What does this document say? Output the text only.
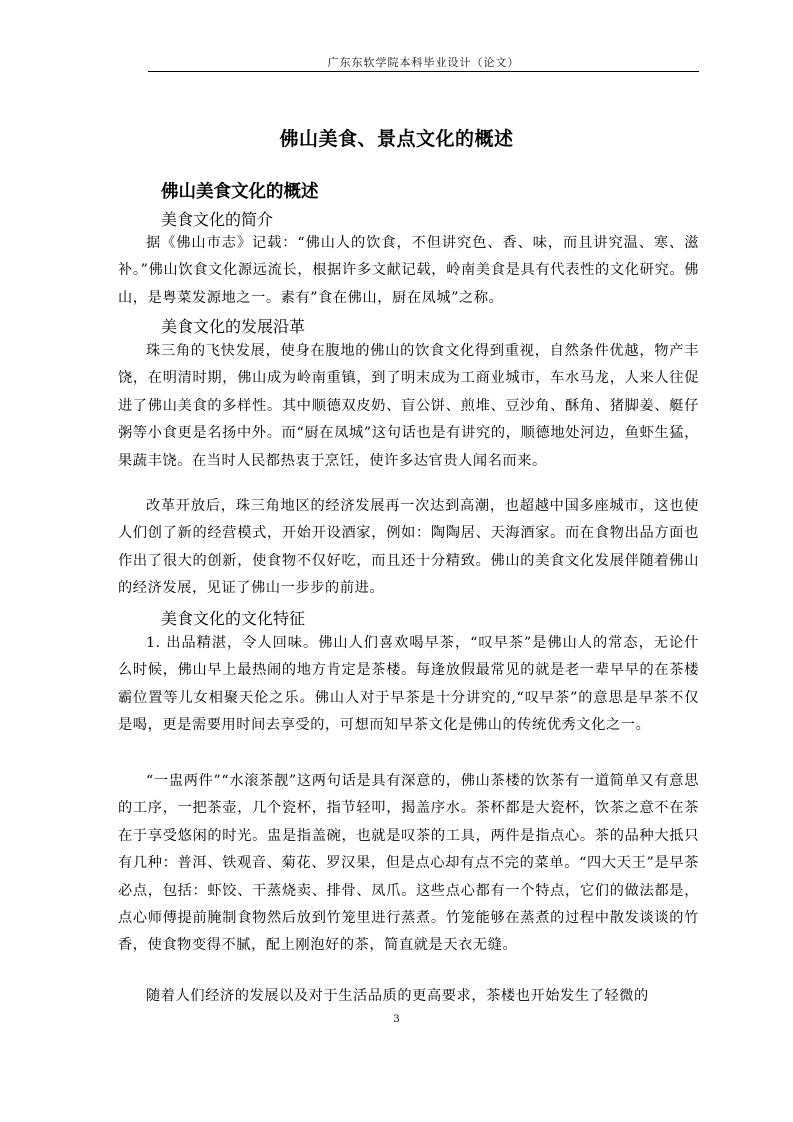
广东东软学院本科毕业设计（论文）
佛山美食、景点文化的概述
佛山美食文化的概述
美食文化的简介

据《佛山市志》记载：“佛山人的饮食，不但讲究色、香、味，而且讲究温、寒、滋补。”佛山饮食文化源远流长，根据许多文献记载，岭南美食是具有代表性的文化研究。佛山，是粤菜发源地之一。素有”食在佛山，厨在凤城”之称。

美食文化的发展沿革

珠三角的飞快发展，使身在腹地的佛山的饮食文化得到重视，自然条件优越，物产丰饶，在明清时期，佛山成为岭南重镇，到了明末成为工商业城市，车水马龙，人来人往促进了佛山美食的多样性。其中顺德双皮奶、盲公饼、煎堆、豆沙角、酥角、猪脚姜、艇仔粥等小食更是名扬中外。而“厨在凤城”这句话也是有讲究的，顺德地处河边，鱼虾生猛，果蔬丰饶。在当时人民都热衷于烹饪，使许多达官贵人闻名而来。

改革开放后，珠三角地区的经济发展再一次达到高潮，也超越中国多座城市，这也使人们创了新的经营模式，开始开设酒家，例如：陶陶居、天海酒家。而在食物出品方面也作出了很大的创新，使食物不仅好吃，而且还十分精致。佛山的美食文化发展伴随着佛山的经济发展，见证了佛山一步步的前进。

美食文化的文化特征

1. 出品精湛，令人回味。佛山人们喜欢喝早茶，“叹早茶”是佛山人的常态，无论什么时候，佛山早上最热闹的地方肯定是茶楼。每逢放假最常见的就是老一辈早早的在茶楼霸位置等儿女相聚天伦之乐。佛山人对于早茶是十分讲究的,“叹早茶”的意思是早茶不仅是喝，更是需要用时间去享受的，可想而知早茶文化是佛山的传统优秀文化之一。

“一盅两件”“水滚茶靓”这两句话是具有深意的，佛山茶楼的饮茶有一道简单又有意思的工序，一把茶壶，几个瓷杯，指节轻叩，揭盖序水。茶杯都是大瓷杯，饮茶之意不在茶在于享受悠闲的时光。盅是指盖碗，也就是叹茶的工具，两件是指点心。茶的品种大抵只有几种：普洱、铁观音、菊花、罗汉果，但是点心却有点不完的菜单。“四大天王”是早茶必点，包括：虾饺、干蒸烧卖、排骨、凤爪。这些点心都有一个特点，它们的做法都是，点心师傅提前腌制食物然后放到竹笼里进行蒸煮。竹笼能够在蒸煮的过程中散发谈谈的竹香，使食物变得不腻，配上刚泡好的茶，简直就是天衣无缝。

随着人们经济的发展以及对于生活品质的更高要求，茶楼也开始发生了轻微的

3
